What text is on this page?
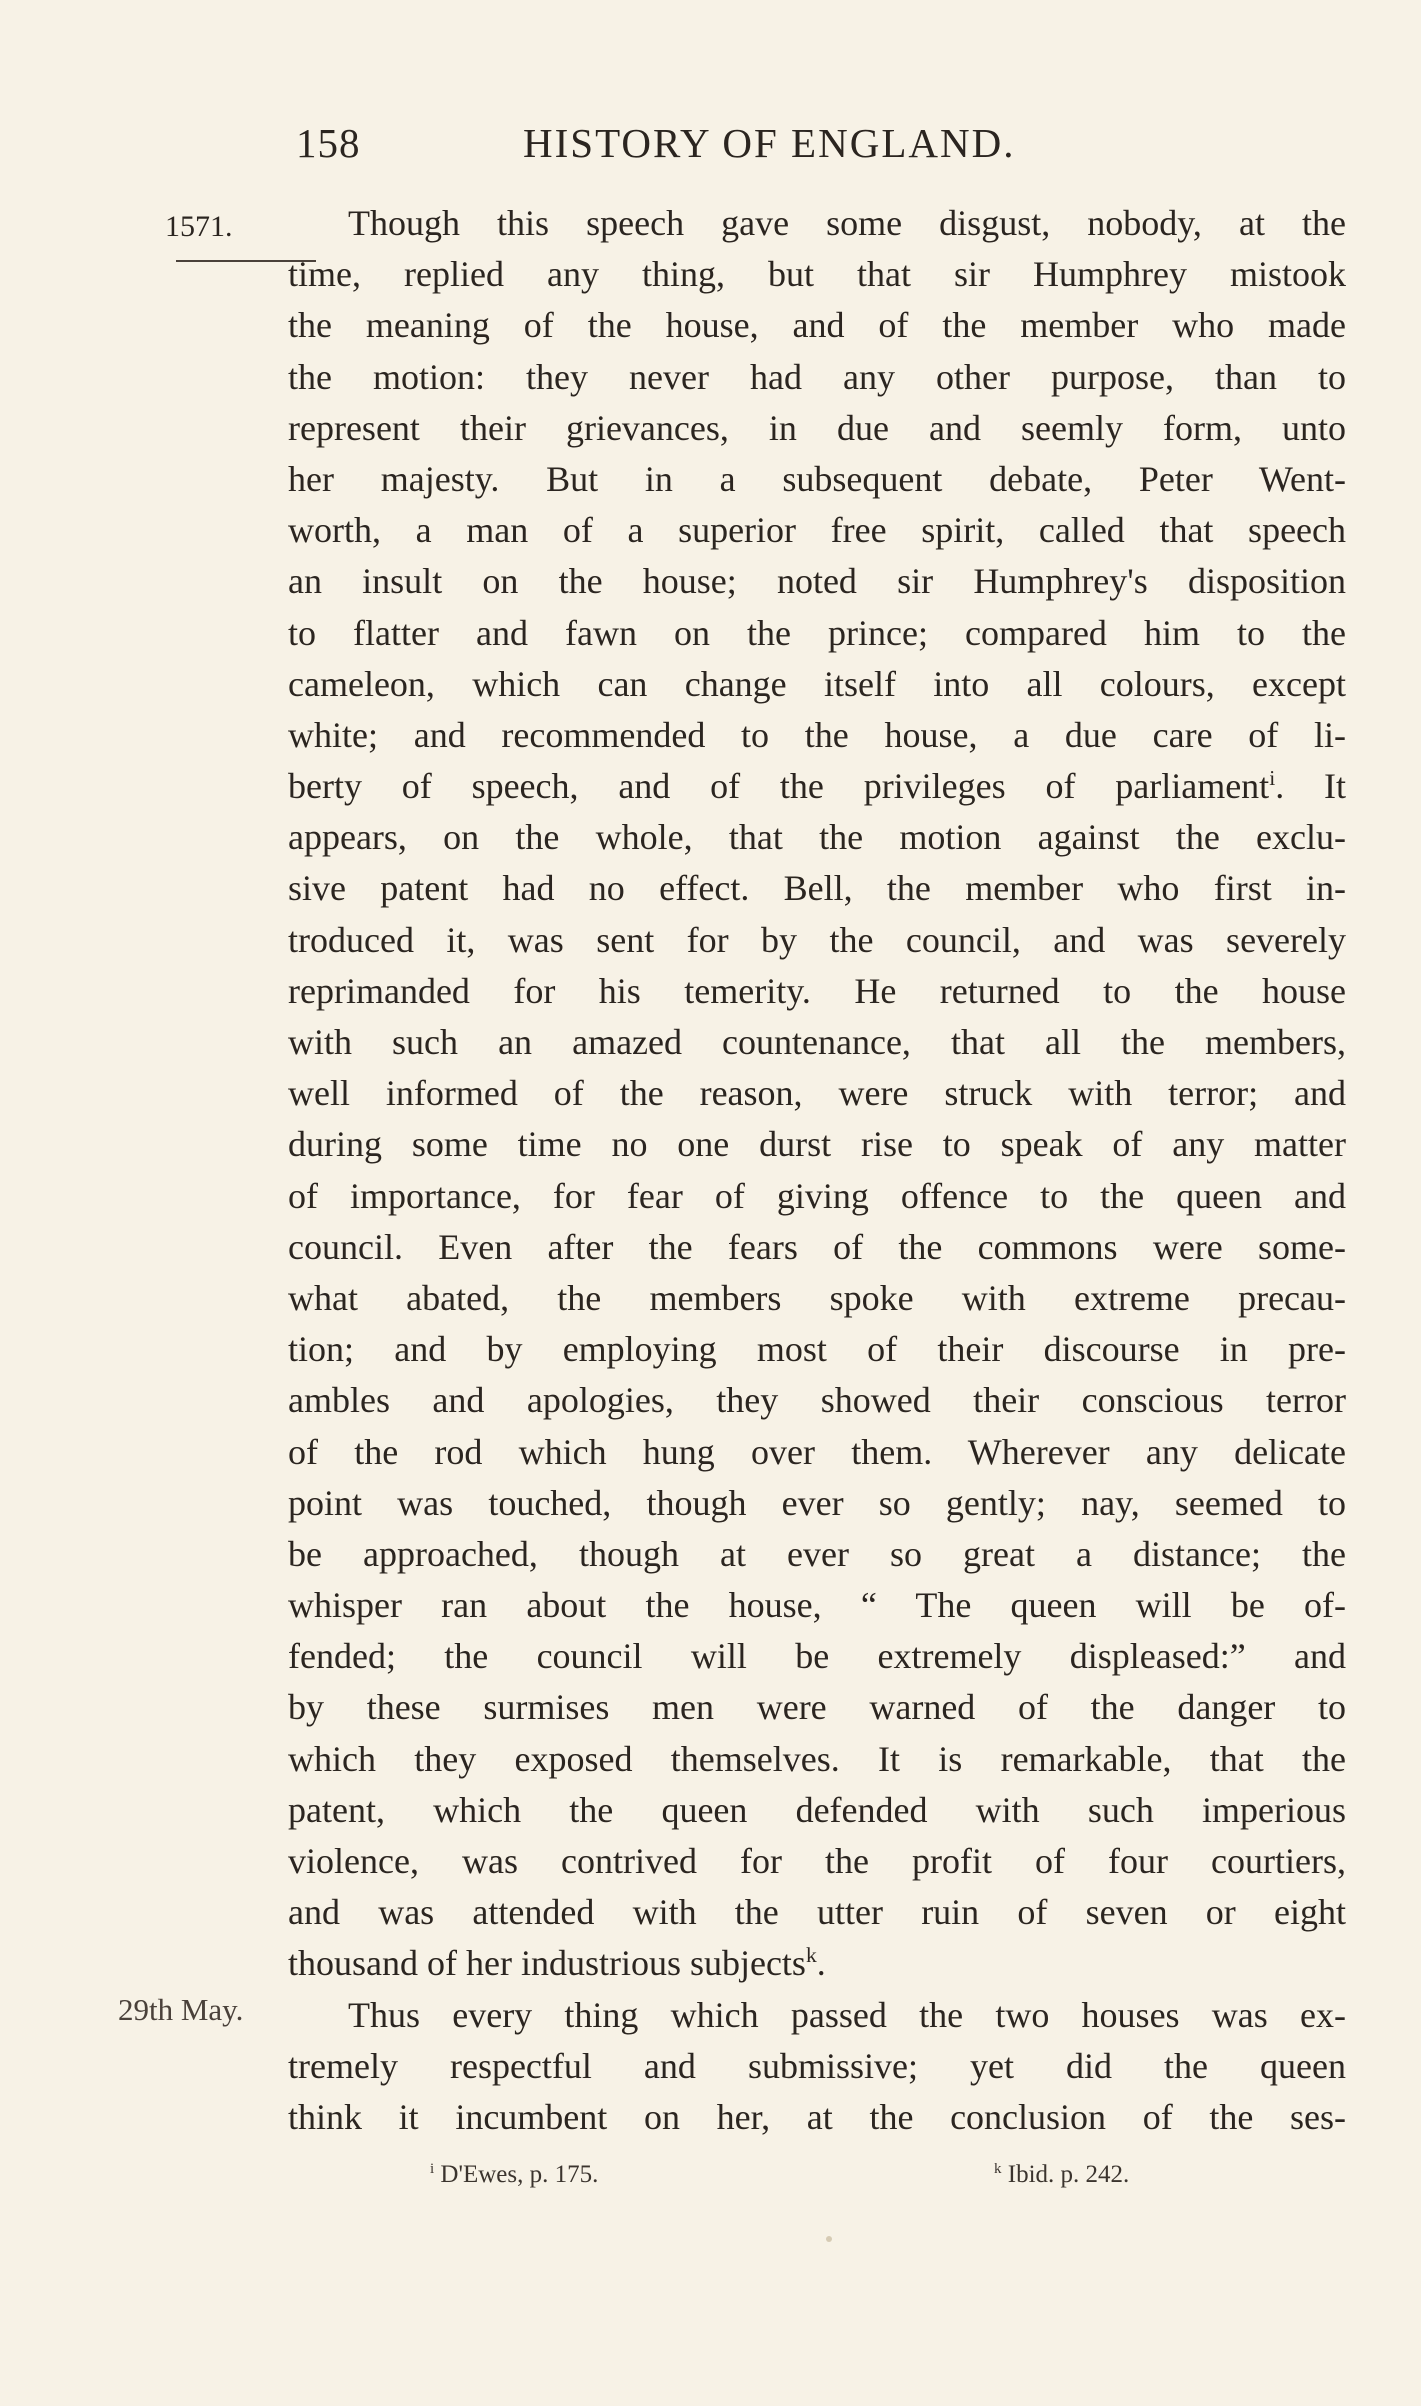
158	HISTORY OF ENGLAND.
1571.
29th May.
Though this speech gave some disgust, nobody, at the
time, replied any thing, but that sir Humphrey mistook
the meaning of the house, and of the member who made
the motion: they never had any other purpose, than to
represent their grievances, in due and seemly form, unto
her majesty. But in a subsequent debate, Peter Went-
worth, a man of a superior free spirit, called that speech
an insult on the house; noted sir Humphrey's disposition
to flatter and fawn on the prince; compared him to the
cameleon, which can change itself into all colours, except
white; and recommended to the house, a due care of li-
berty of speech, and of the privileges of parliament$^i$. It
appears, on the whole, that the motion against the exclu-
sive patent had no effect. Bell, the member who first in-
troduced it, was sent for by the council, and was severely
reprimanded for his temerity. He returned to the house
with such an amazed countenance, that all the members,
well informed of the reason, were struck with terror; and
during some time no one durst rise to speak of any matter
of importance, for fear of giving offence to the queen and
council. Even after the fears of the commons were some-
what abated, the members spoke with extreme precau-
tion; and by employing most of their discourse in pre-
ambles and apologies, they showed their conscious terror
of the rod which hung over them. Wherever any delicate
point was touched, though ever so gently; nay, seemed to
be approached, though at ever so great a distance; the
whisper ran about the house, “ The queen will be of-
fended; the council will be extremely displeased:” and
by these surmises men were warned of the danger to
which they exposed themselves. It is remarkable, that the
patent, which the queen defended with such imperious
violence, was contrived for the profit of four courtiers,
and was attended with the utter ruin of seven or eight
thousand of her industrious subjects$^k$.
Thus every thing which passed the two houses was ex-
tremely respectful and submissive; yet did the queen
think it incumbent on her, at the conclusion of the ses-
$^i$ D'Ewes, p. 175.	$^k$ Ibid. p. 242.
